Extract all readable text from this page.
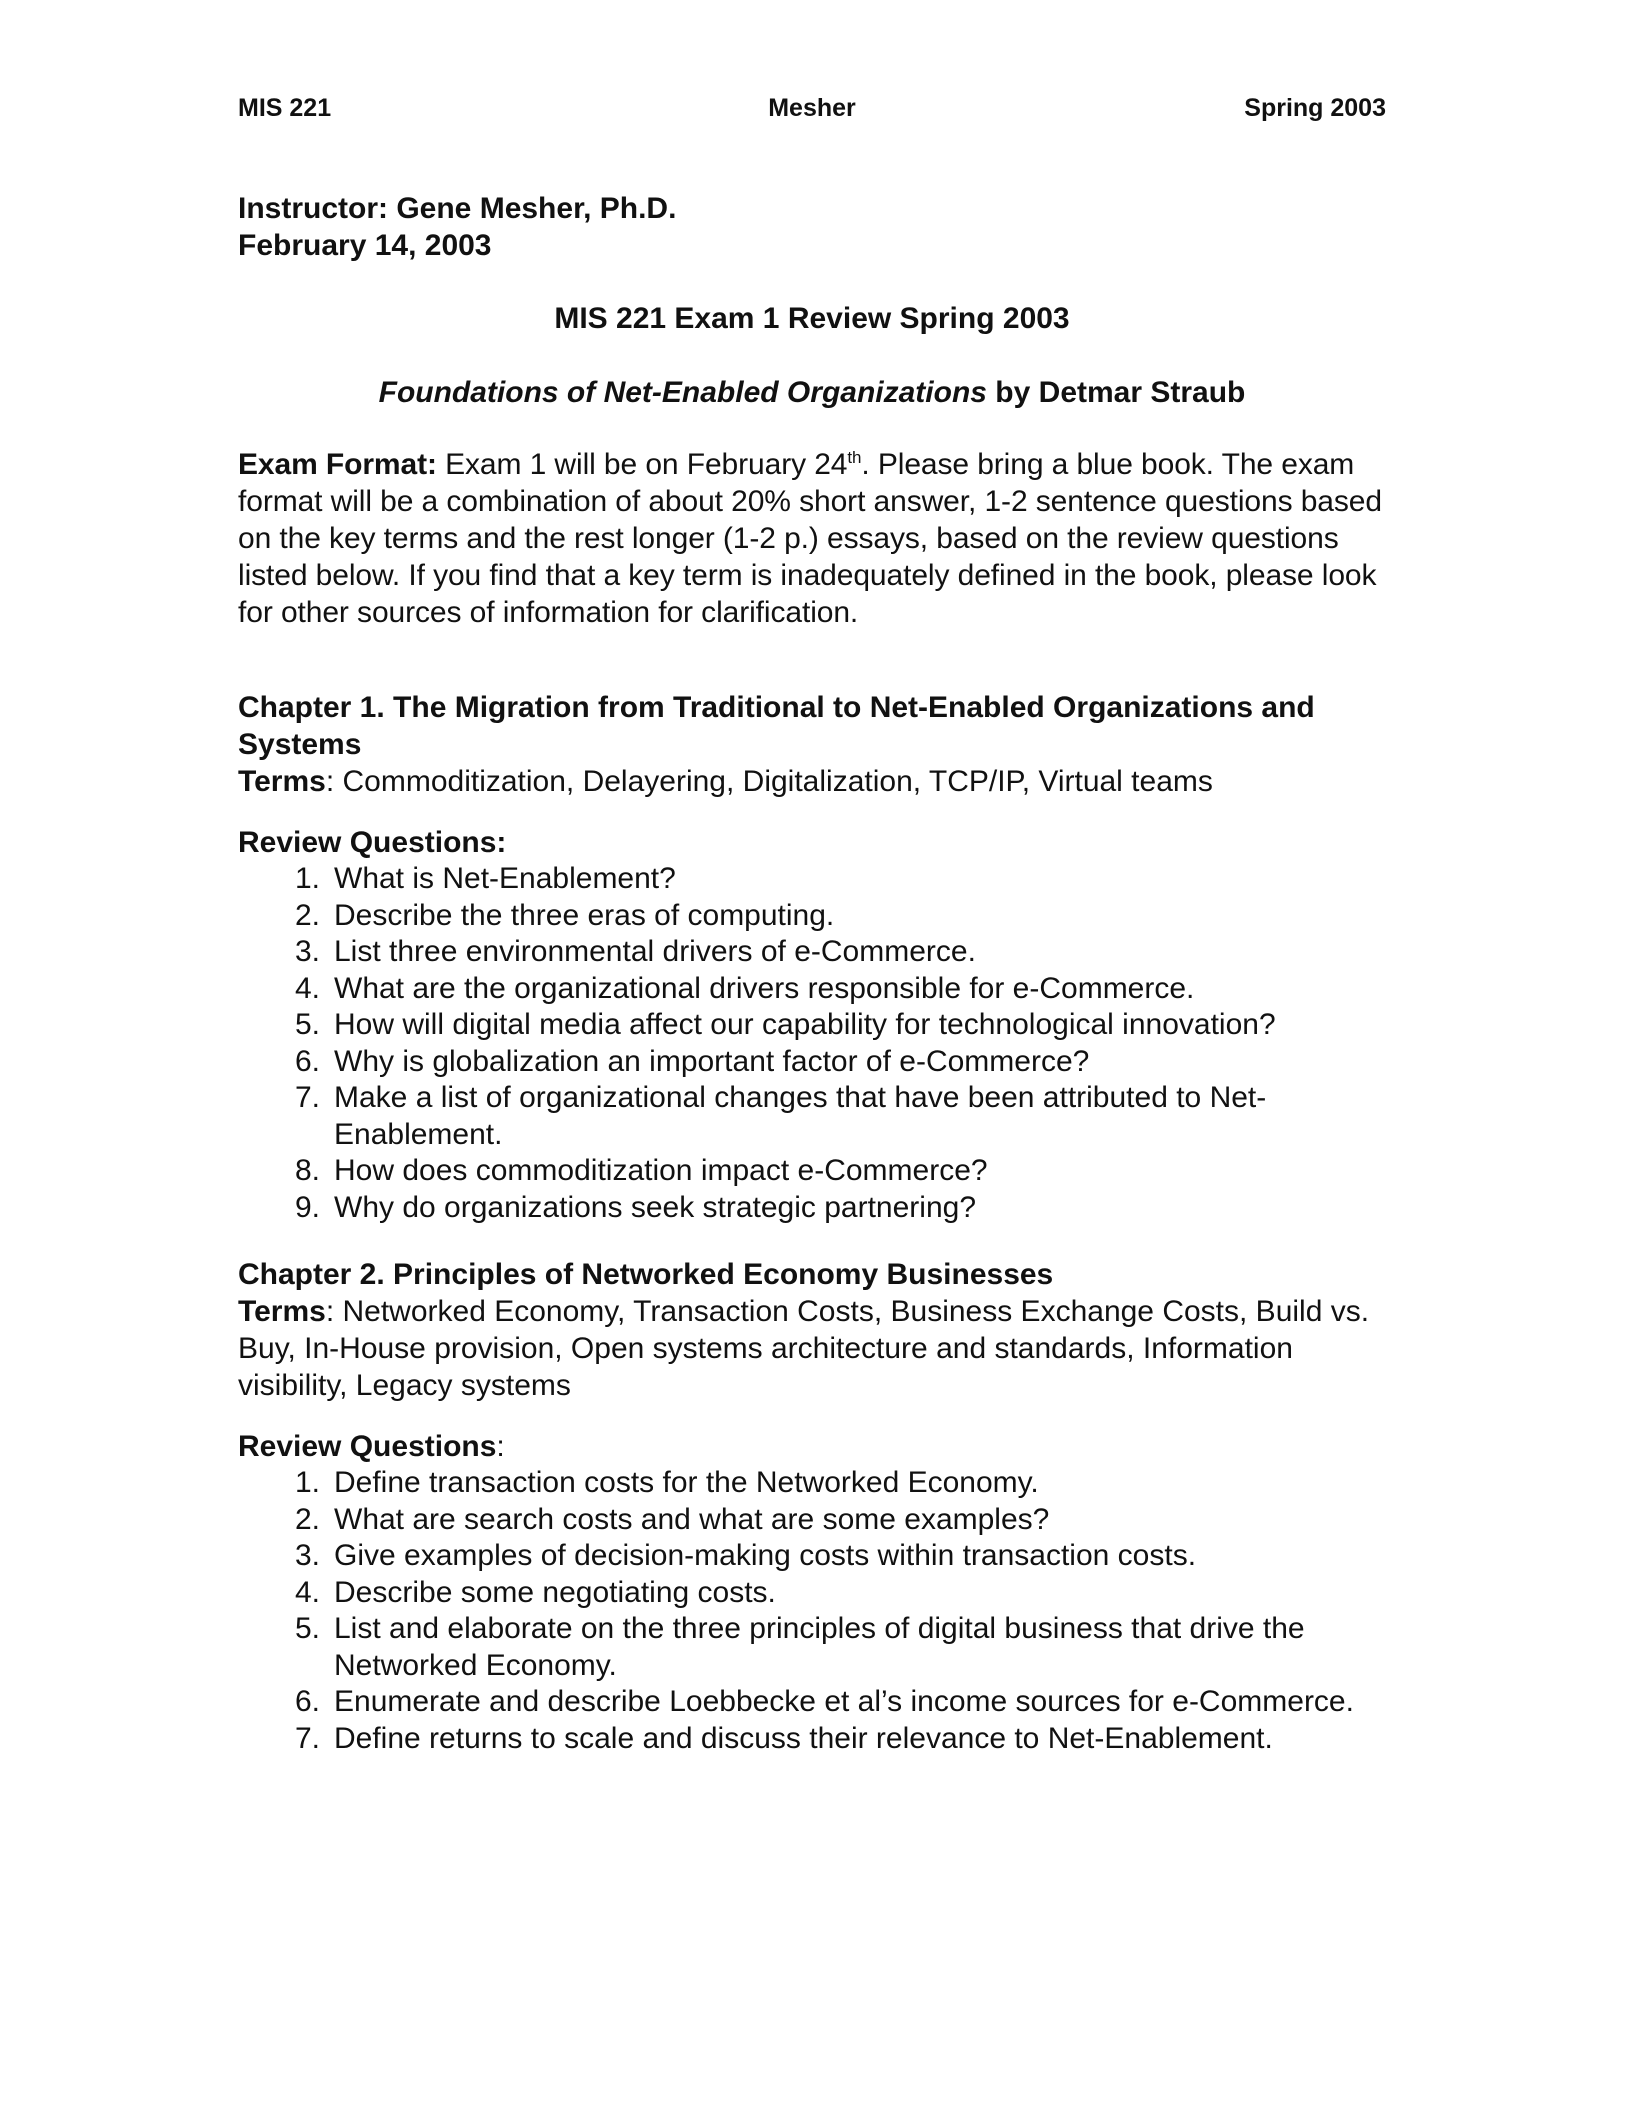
MIS 221	Mesher	Spring 2003
Instructor: Gene Mesher, Ph.D.
February 14, 2003
MIS 221 Exam 1 Review Spring 2003
Foundations of Net-Enabled Organizations by Detmar Straub
Exam Format: Exam 1 will be on February 24th. Please bring a blue book. The exam format will be a combination of about 20% short answer, 1-2 sentence questions based on the key terms and the rest longer (1-2 p.) essays, based on the review questions listed below. If you find that a key term is inadequately defined in the book, please look for other sources of information for clarification.
Chapter 1. The Migration from Traditional to Net-Enabled Organizations and Systems
Terms: Commoditization, Delayering, Digitalization, TCP/IP, Virtual teams
Review Questions:
1. What is Net-Enablement?
2. Describe the three eras of computing.
3. List three environmental drivers of e-Commerce.
4. What are the organizational drivers responsible for e-Commerce.
5. How will digital media affect our capability for technological innovation?
6. Why is globalization an important factor of e-Commerce?
7. Make a list of organizational changes that have been attributed to Net-Enablement.
8. How does commoditization impact e-Commerce?
9. Why do organizations seek strategic partnering?
Chapter 2. Principles of Networked Economy Businesses
Terms: Networked Economy, Transaction Costs, Business Exchange Costs, Build vs. Buy, In-House provision, Open systems architecture and standards, Information visibility, Legacy systems
Review Questions:
1. Define transaction costs for the Networked Economy.
2. What are search costs and what are some examples?
3. Give examples of decision-making costs within transaction costs.
4. Describe some negotiating costs.
5. List and elaborate on the three principles of digital business that drive the Networked Economy.
6. Enumerate and describe Loebbecke et al’s income sources for e-Commerce.
7. Define returns to scale and discuss their relevance to Net-Enablement.
